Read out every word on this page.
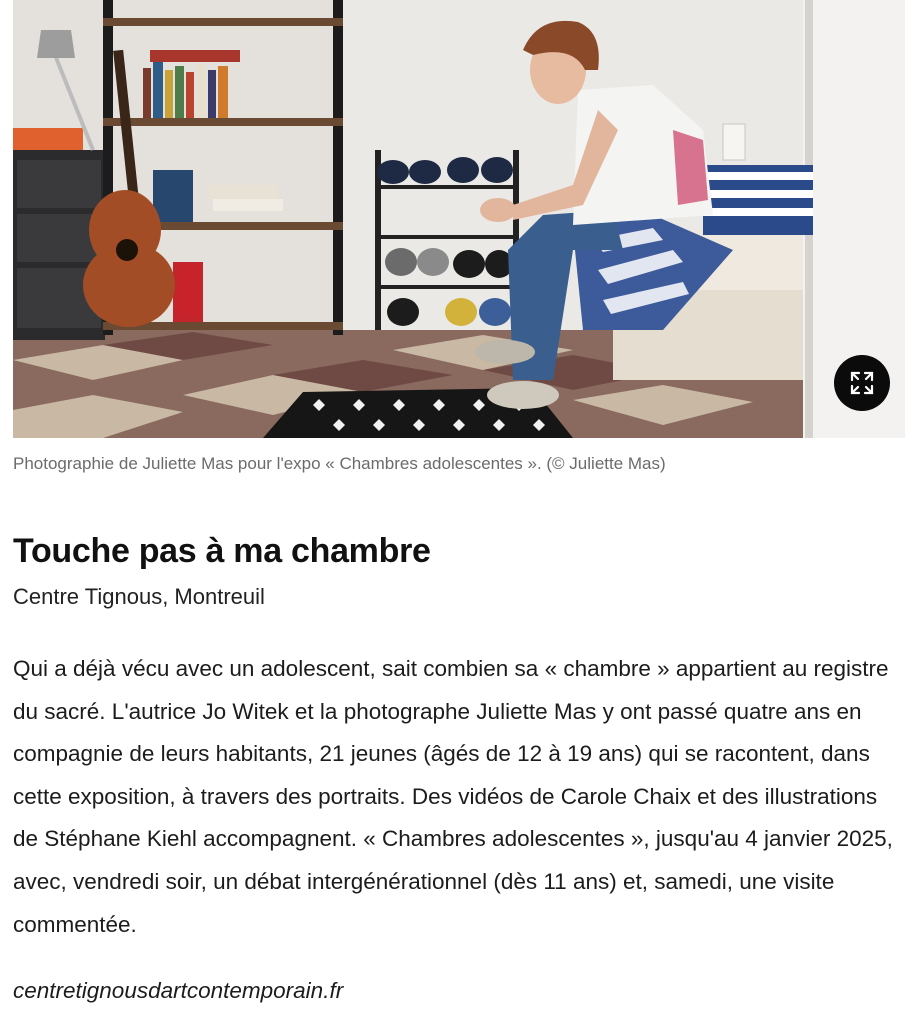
Photographie de Juliette Mas pour l'expo « Chambres adolescentes ». (© Juliette Mas)
Touche pas à ma chambre
Centre Tignous, Montreuil

Qui a déjà vécu avec un adolescent, sait combien sa « chambre » appartient au registre du sacré. L'autrice Jo Witek et la photographe Juliette Mas y ont passé quatre ans en compagnie de leurs habitants, 21 jeunes (âgés de 12 à 19 ans) qui se racontent, dans cette exposition, à travers des portraits. Des vidéos de Carole Chaix et des illustrations de Stéphane Kiehl accompagnent. « Chambres adolescentes », jusqu'au 4 janvier 2025, avec, vendredi soir, un débat intergénérationnel (dès 11 ans) et, samedi, une visite commentée.

centretignousdartcontemporain.fr
